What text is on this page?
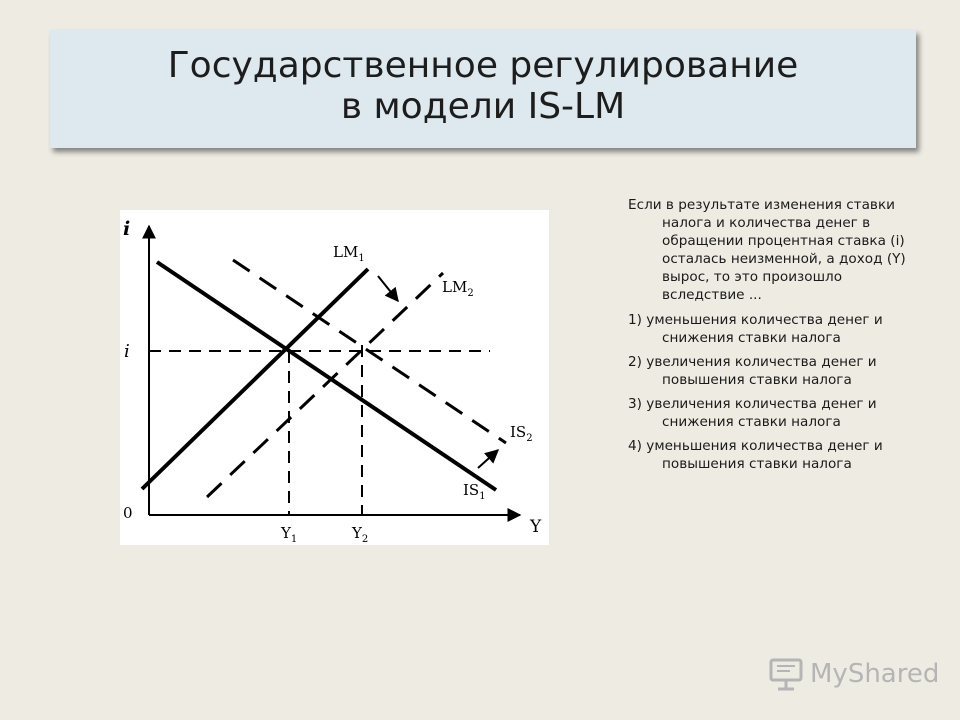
Государственное регулирование
в модели IS-LM
i
i
0
Y
$Y_1$	$Y_2$
$LM_1$
$LM_2$
$IS_2$
$IS_1$

Если в результате изменения ставки налога и количества денег в обращении процентная ставка (i) осталась неизменной, а доход (Y) вырос, то это произошло вследствие ...

1) уменьшения количества денег и снижения ставки налога

2) увеличения количества денег и повышения ставки налога

3) увеличения количества денег и снижения ставки налога

4) уменьшения количества денег и повышения ставки налога

MyShared
